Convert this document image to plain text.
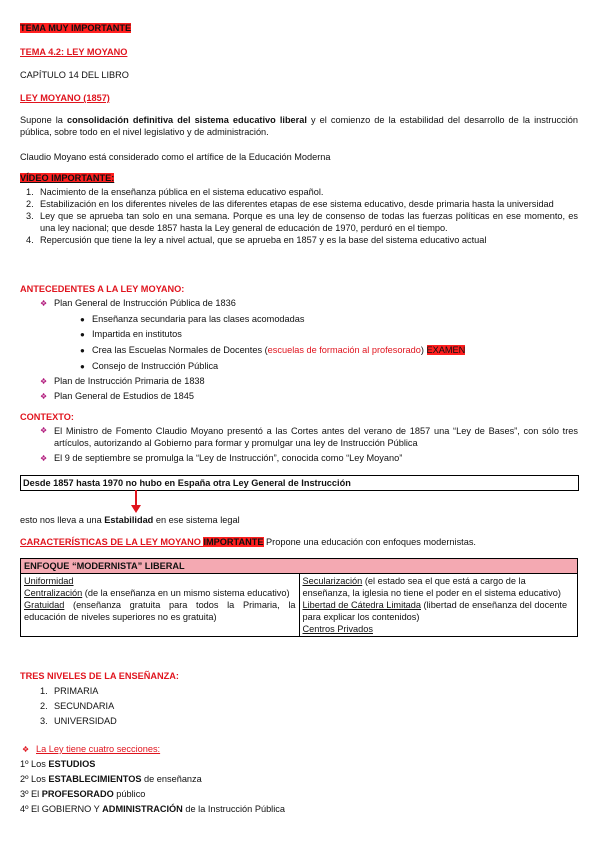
TEMA MUY IMPORTANTE
TEMA 4.2: LEY MOYANO
CAPÍTULO 14 DEL LIBRO
LEY MOYANO (1857)
Supone la consolidación definitiva del sistema educativo liberal y el comienzo de la estabilidad del desarrollo de la instrucción pública, sobre todo en el nivel legislativo y de administración.
Claudio Moyano está considerado como el artífice de la Educación Moderna
VÍDEO IMPORTANTE:
1. Nacimiento de la enseñanza pública en el sistema educativo español.
2. Estabilización en los diferentes niveles de las diferentes etapas de ese sistema educativo, desde primaria hasta la universidad
3. Ley que se aprueba tan solo en una semana. Porque es una ley de consenso de todas las fuerzas políticas en ese momento, es una ley nacional; que desde 1857 hasta la Ley general de educación de 1970, perduró en el tiempo.
4. Repercusión que tiene la ley a nivel actual, que se aprueba en 1857 y es la base del sistema educativo actual
ANTECEDENTES A LA LEY MOYANO:
❖ Plan General de Instrucción Pública de 1836
● Enseñanza secundaria para las clases acomodadas
● Impartida en institutos
● Crea las Escuelas Normales de Docentes (escuelas de formación al profesorado) EXAMEN
● Consejo de Instrucción Pública
❖ Plan de Instrucción Primaria de 1838
❖ Plan General de Estudios de 1845
CONTEXTO:
❖ El Ministro de Fomento Claudio Moyano presentó a las Cortes antes del verano de 1857 una “Ley de Bases”, con sólo tres artículos, autorizando al Gobierno para formar y promulgar una ley de Instrucción Pública
❖ El 9 de septiembre se promulga la “Ley de Instrucción”, conocida como “Ley Moyano”
Desde 1857 hasta 1970 no hubo en España otra Ley General de Instrucción
esto nos lleva a una Estabilidad en ese sistema legal
CARACTERÍSTICAS DE LA LEY MOYANO IMPORTANTE Propone una educación con enfoques modernistas.
ENFOQUE “MODERNISTA” LIBERAL

Uniformidad
Centralización (de la enseñanza en un mismo sistema educativo)
Gratuidad (enseñanza gratuita para todos la Primaria, la educación de niveles superiores no es gratuita)

Secularización (el estado sea el que está a cargo de la enseñanza, la iglesia no tiene el poder en el sistema educativo)
Libertad de Cátedra Limitada (libertad de enseñanza del docente para explicar los contenidos)
Centros Privados
TRES NIVELES DE LA ENSEÑANZA:
1. PRIMARIA
2. SECUNDARIA
3. UNIVERSIDAD
❖ La Ley tiene cuatro secciones:
1º Los ESTUDIOS
2º Los ESTABLECIMIENTOS de enseñanza
3º El PROFESORADO público
4º El GOBIERNO Y ADMINISTRACIÓN de la Instrucción Pública
